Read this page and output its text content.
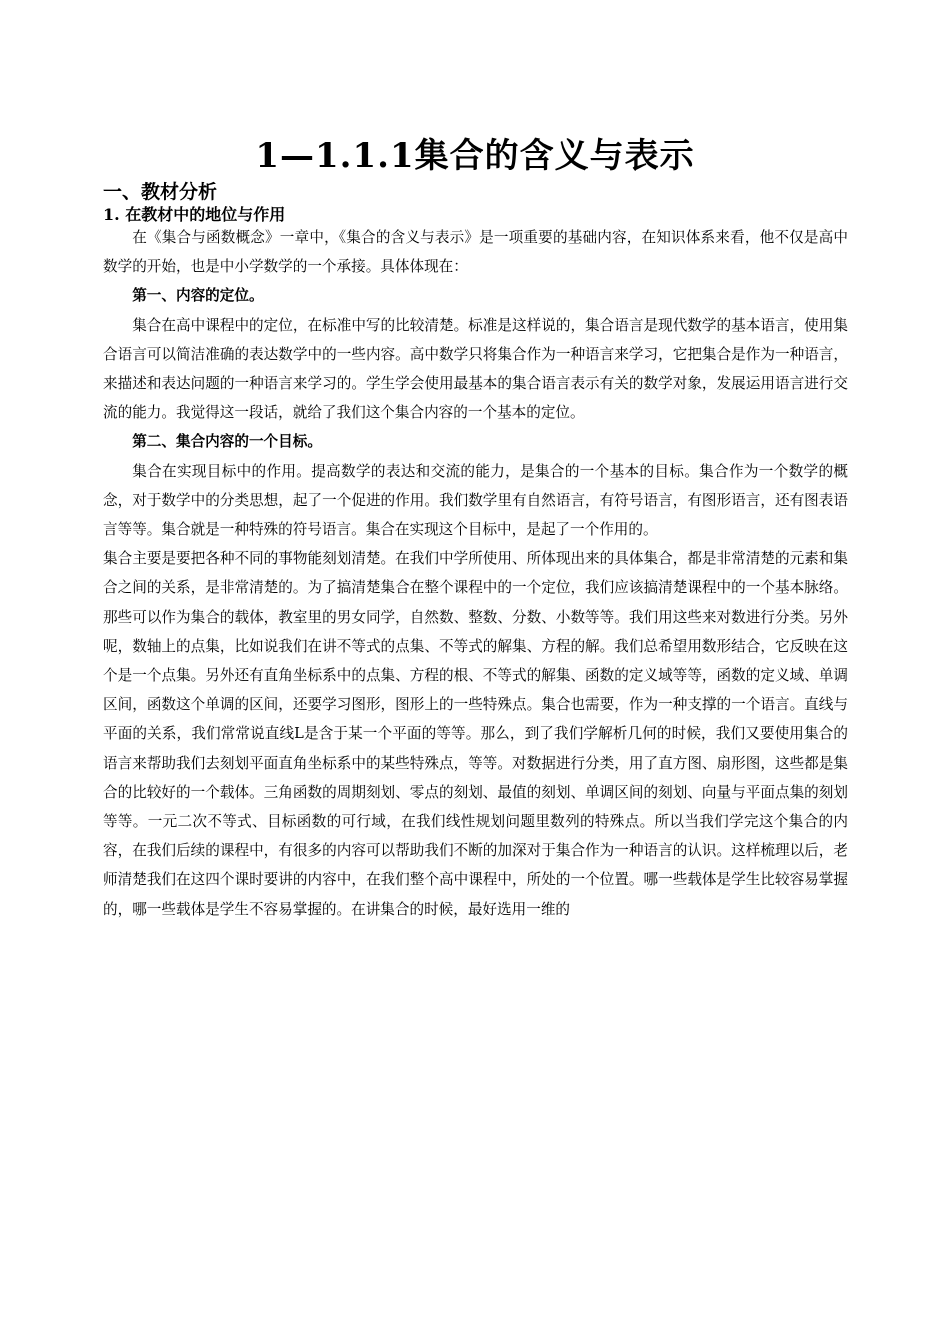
1—1.1.1集合的含义与表示
一、教材分析
1. 在教材中的地位与作用

在《集合与函数概念》一章中，《集合的含义与表示》是一项重要的基础内容，在知识体系来看，他不仅是高中数学的开始，也是中小学数学的一个承接。具体体现在：

第一、内容的定位。

集合在高中课程中的定位，在标准中写的比较清楚。标准是这样说的，集合语言是现代数学的基本语言，使用集合语言可以简洁准确的表达数学中的一些内容。高中数学只将集合作为一种语言来学习，它把集合是作为一种语言，来描述和表达问题的一种语言来学习的。学生学会使用最基本的集合语言表示有关的数学对象，发展运用语言进行交流的能力。我觉得这一段话，就给了我们这个集合内容的一个基本的定位。

第二、集合内容的一个目标。

集合在实现目标中的作用。提高数学的表达和交流的能力，是集合的一个基本的目标。集合作为一个数学的概念，对于数学中的分类思想，起了一个促进的作用。我们数学里有自然语言，有符号语言，有图形语言，还有图表语言等等。集合就是一种特殊的符号语言。集合在实现这个目标中，是起了一个作用的。

集合主要是要把各种不同的事物能刻划清楚。在我们中学所使用、所体现出来的具体集合，都是非常清楚的元素和集合之间的关系，是非常清楚的。为了搞清楚集合在整个课程中的一个定位，我们应该搞清楚课程中的一个基本脉络。那些可以作为集合的载体，教室里的男女同学，自然数、整数、分数、小数等等。我们用这些来对数进行分类。另外呢，数轴上的点集，比如说我们在讲不等式的点集、不等式的解集、方程的解。我们总希望用数形结合，它反映在这个是一个点集。另外还有直角坐标系中的点集、方程的根、不等式的解集、函数的定义域等等，函数的定义域、单调区间，函数这个单调的区间，还要学习图形，图形上的一些特殊点。集合也需要，作为一种支撑的一个语言。直线与平面的关系，我们常常说直线L是含于某一个平面的等等。那么，到了我们学解析几何的时候，我们又要使用集合的语言来帮助我们去刻划平面直角坐标系中的某些特殊点，等等。对数据进行分类，用了直方图、扇形图，这些都是集合的比较好的一个载体。三角函数的周期刻划、零点的刻划、最值的刻划、单调区间的刻划、向量与平面点集的刻划等等。一元二次不等式、目标函数的可行域，在我们线性规划问题里数列的特殊点。所以当我们学完这个集合的内容，在我们后续的课程中，有很多的内容可以帮助我们不断的加深对于集合作为一种语言的认识。这样梳理以后，老师清楚我们在这四个课时要讲的内容中，在我们整个高中课程中，所处的一个位置。哪一些载体是学生比较容易掌握的，哪一些载体是学生不容易掌握的。在讲集合的时候，最好选用一维的
